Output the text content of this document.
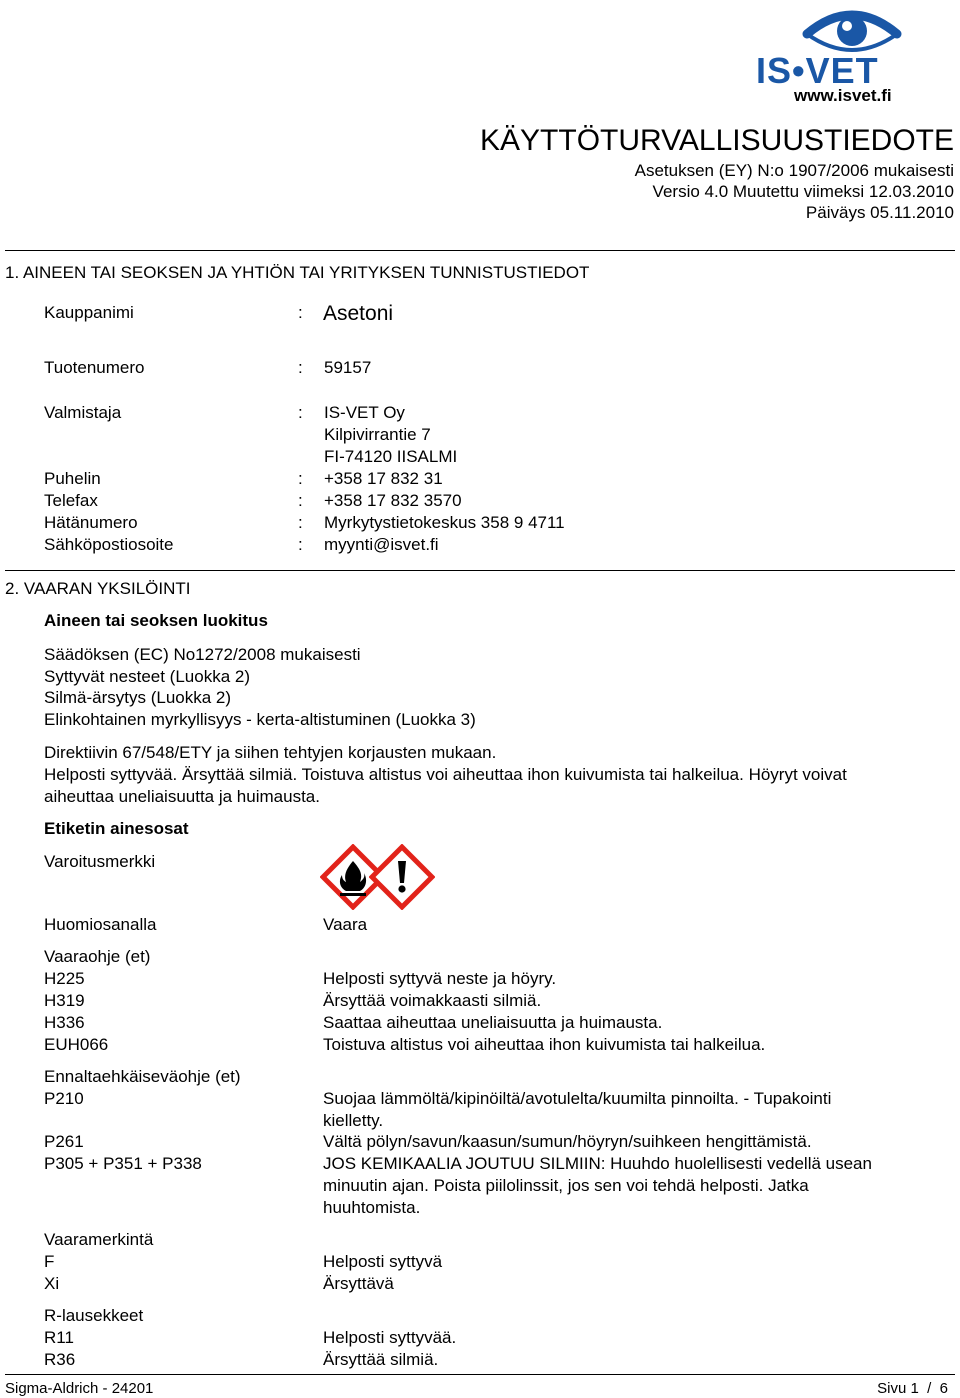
IS•VET
www.isvet.fi
KÄYTTÖTURVALLISUUSTIEDOTE
Asetuksen (EY) N:o 1907/2006 mukaisesti
Versio 4.0 Muutettu viimeksi 12.03.2010
Päiväys 05.11.2010
1. AINEEN TAI SEOKSEN JA YHTIÖN TAI YRITYKSEN TUNNISTUSTIEDOT
Kauppanimi	: Asetoni
Tuotenumero	: 59157
Valmistaja	: IS-VET Oy
Kilpivirrantie 7
FI-74120 IISALMI
Puhelin	: +358 17 832 31
Telefax	: +358 17 832 3570
Hätänumero	: Myrkytystietokeskus 358 9 4711
Sähköpostiosoite	: myynti@isvet.fi
2. VAARAN YKSILÖINTI
Aineen tai seoksen luokitus
Säädöksen (EC) No1272/2008 mukaisesti
Syttyvät nesteet (Luokka 2)
Silmä-ärsytys (Luokka 2)
Elinkohtainen myrkyllisyys - kerta-altistuminen (Luokka 3)
Direktiivin 67/548/ETY ja siihen tehtyjen korjausten mukaan.
Helposti syttyvää. Ärsyttää silmiä. Toistuva altistus voi aiheuttaa ihon kuivumista tai halkeilua. Höyryt voivat
aiheuttaa uneliaisuutta ja huimausta.
Etiketin ainesosat
Varoitusmerkki
Huomiosanalla	Vaara
Vaaraohje (et)
H225	Helposti syttyvä neste ja höyry.
H319	Ärsyttää voimakkaasti silmiä.
H336	Saattaa aiheuttaa uneliaisuutta ja huimausta.
EUH066	Toistuva altistus voi aiheuttaa ihon kuivumista tai halkeilua.
Ennaltaehkäiseväohje (et)
P210	Suojaa lämmöltä/kipinöiltä/avotulelta/kuumilta pinnoilta. - Tupakointi
kielletty.
P261	Vältä pölyn/savun/kaasun/sumun/höyryn/suihkeen hengittämistä.
P305 + P351 + P338	JOS KEMIKAALIA JOUTUU SILMIIN: Huuhdo huolellisesti vedellä usean
minuutin ajan. Poista piilolinssit, jos sen voi tehdä helposti. Jatka
huuhtomista.
Vaaramerkintä
F	Helposti syttyvä
Xi	Ärsyttävä
R-lausekkeet
R11	Helposti syttyvää.
R36	Ärsyttää silmiä.
Sigma-Aldrich - 24201	Sivu 1  /  6
